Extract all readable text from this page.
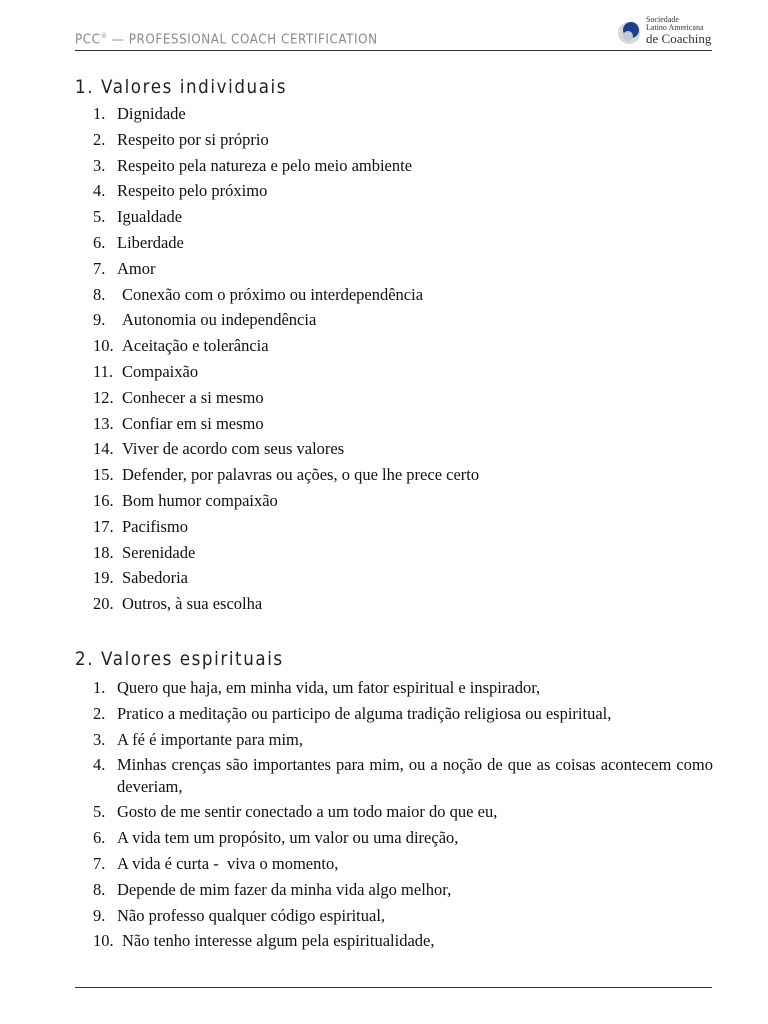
PCC® — PROFESSIONAL COACH CERTIFICATION
Sociedade
Latino Americana
de Coaching
1. Valores individuais
1. Dignidade
2. Respeito por si próprio
3. Respeito pela natureza e pelo meio ambiente
4. Respeito pelo próximo
5. Igualdade
6. Liberdade
7. Amor
8.	Conexão com o próximo ou interdependência
9.	Autonomia ou independência
10. Aceitação e tolerância
11. Compaixão
12. Conhecer a si mesmo
13. Confiar em si mesmo
14. Viver de acordo com seus valores
15. Defender, por palavras ou ações, o que lhe prece certo
16. Bom humor compaixão
17. Pacifismo
18. Serenidade
19. Sabedoria
20. Outros, à sua escolha
2. Valores espirituais
1. Quero que haja, em minha vida, um fator espiritual e inspirador,
2. Pratico a meditação ou participo de alguma tradição religiosa ou espiritual,
3. A fé é importante para mim,
4. Minhas crenças são importantes para mim, ou a noção de que as coisas acontecem como deveriam,
5. Gosto de me sentir conectado a um todo maior do que eu,
6. A vida tem um propósito, um valor ou uma direção,
7. A vida é curta -  viva o momento,
8. Depende de mim fazer da minha vida algo melhor,
9. Não professo qualquer código espiritual,
10. Não tenho interesse algum pela espiritualidade,
